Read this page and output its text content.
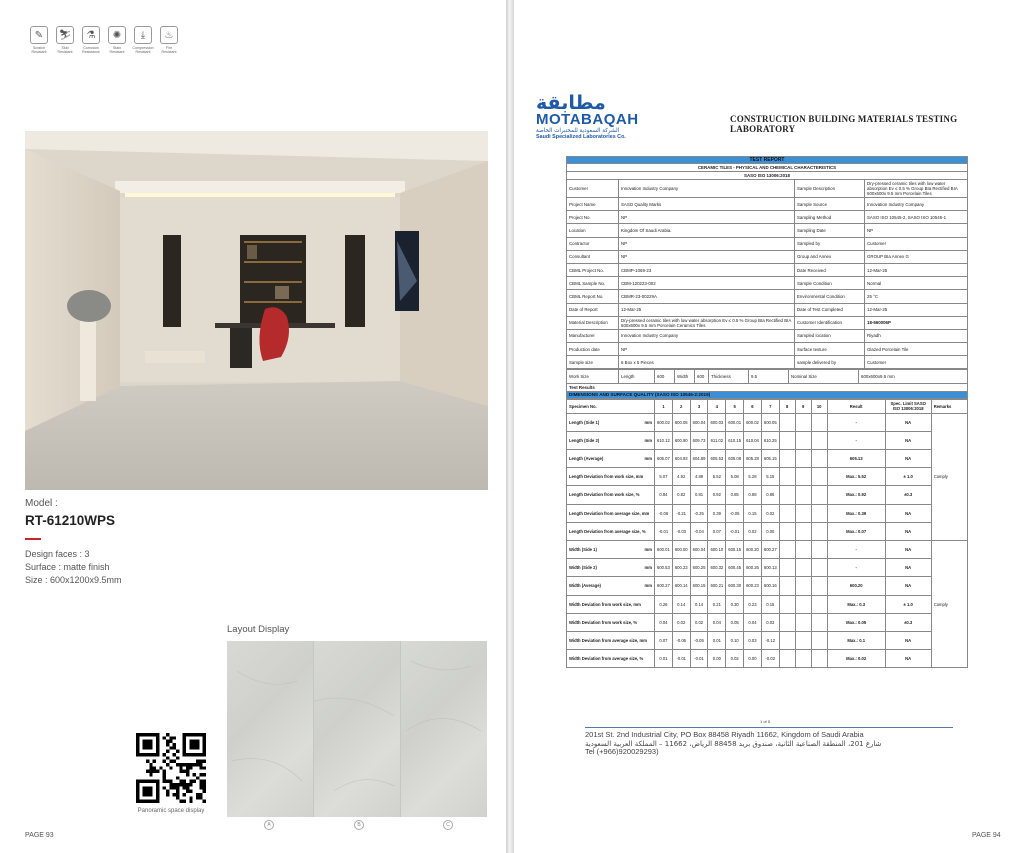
✎
Scratch Resistant
⛷
Skid Resistant
⚗
Corrosion Resistance
✺
Stain Resistant
⤓
Compression Resistant
♨
Fire Resistant
Model :
RT-61210WPS
Design faces : 3
Surface : matte finish
Size : 600x1200x9.5mm
Layout Display
A	B	C
Panoramic space display
PAGE 93
مطابقة
MOTABAQAH
الشركة السعودية للمختبرات الخاصة
Saudi Specialized Laboratories Co.
CONSTRUCTION BUILDING MATERIALS TESTING LABORATORY
TEST REPORT			
CERAMIC TILES - PHYSICAL AND CHEMICAL CHARACTERISTICS			
SASO ISO 13006:2018			
Customer	Innovation Industry Company	Sample Description	Dry-pressed ceramic tiles with low water absorption Ev ≤ 0.5 % Group BIa Rectified BIA 600x600x 9.5 mm Porcelain Tiles
Project Name	SASO Quality Marks	Sample Source	Innovation Industry Company
Project No.	NP	Sampling Method	SASO ISO 10545-2, SASO ISO 10545-1
Location	Kingdom Of Saudi Arabia.	Sampling Date	NP
Contractor	NP	Sampled by	Customer
Consultant	NP	Group and Annex	GROUP BIa Annex G
CBML Project No.	CBMP-1069-23	Date Received	12-Mar-25
CBML Sample No.	CBM-120223-002	Sample Condition	Normal
CBML Report No.	CBMR-23-00229A	Environmental Condition	25 °C
Date of Report	12-Mar-25	Date of Test Completed	12-Mar-25
Material Description	Dry-pressed ceramic tiles with low water absorption Ev ≤ 0.5 % Group BIa Rectified BIA 600x600x 9.5 mm Porcelain Ceramics Tiles	Customer Identification	18-660006P
Manufacturer	Innovation Industry Company	Sampled location	Riyadh
Production date	NP	Surface texture	Glazed Porcelain Tile
Sample size	6 Box x 5 Pieces	sample delivered by	Customer
Work Size	Length	600	Width	600	Thickness	9.5	Nominal Size	600x600x9.5 mm
Test Results
DIMENSIONS AND SURFACE QUALITY (SASO ISO 10545-2:2019)
Specimen No.	1	2	3	4	5	6	7	8	9	10	Result	Spec. Limit SASO ISO 13006:2018	Remarks
Length (Side 1) mm	600.02	600.05	600.04	600.03	600.01	600.02	600.05				-	NA	Comply
Length (Side 2) mm	610.12	600.90	609.73	611.02	610.15	610.04	610.25				-	NA	
Length (Average) mm	606.07	604.93	604.89	605.53	605.08	605.28	605.15				605.13	NA	
Length Deviation from work size, mm	5.07	4.92	4.89	5.52	5.08	5.28	5.15				Max.: 5.52	± 1.0	
Length Deviation from work size, %	0.84	0.82	0.81	0.92	0.85	0.88	0.86				Max.: 0.92	±0.3	
Length Deviation from average size, mm	-0.06	-0.21	-0.25	0.39	-0.05	0.15	0.02				Max.: 0.39	NA	
Length Deviation from average size, %	-0.01	-0.03	-0.04	0.07	-0.01	0.02	0.00				Max.: 0.07	NA	
Width (Side 1) mm	600.01	600.00	600.04	600.10	600.15	600.20	600.27				-	NA	Comply
Width (Side 2) mm	600.53	600.23	600.25	600.32	600.45	600.26	600.13				-	NA	
Width (Average) mm	600.27	600.14	600.15	600.21	600.30	600.23	600.16				600.20	NA	
Width Deviation from work size, mm	0.26	0.14	0.14	0.21	0.30	0.23	0.15				Max.: 0.3	± 1.0	
Width Deviation from work size, %	0.04	0.02	0.02	0.04	0.05	0.04	0.03				Max.: 0.05	±0.3	
Width Deviation from average size, mm	0.07	-0.06	-0.05	0.01	0.10	0.03	-0.12				Max.: 0.1	NA	
Width Deviation from average size, %	0.01	-0.01	-0.01	0.00	0.02	0.00	-0.02				Max.: 0.02	NA	
1 of 5
201st St. 2nd Industrial City, PO Box 88458 Riyadh 11662, Kingdom of Saudi Arabia
شارع 201، المنطقة الصناعية الثانية، صندوق بريد 88458 الرياض، 11662 – المملكة العربية السعودية
Tel (+966)920029293)
PAGE 94
